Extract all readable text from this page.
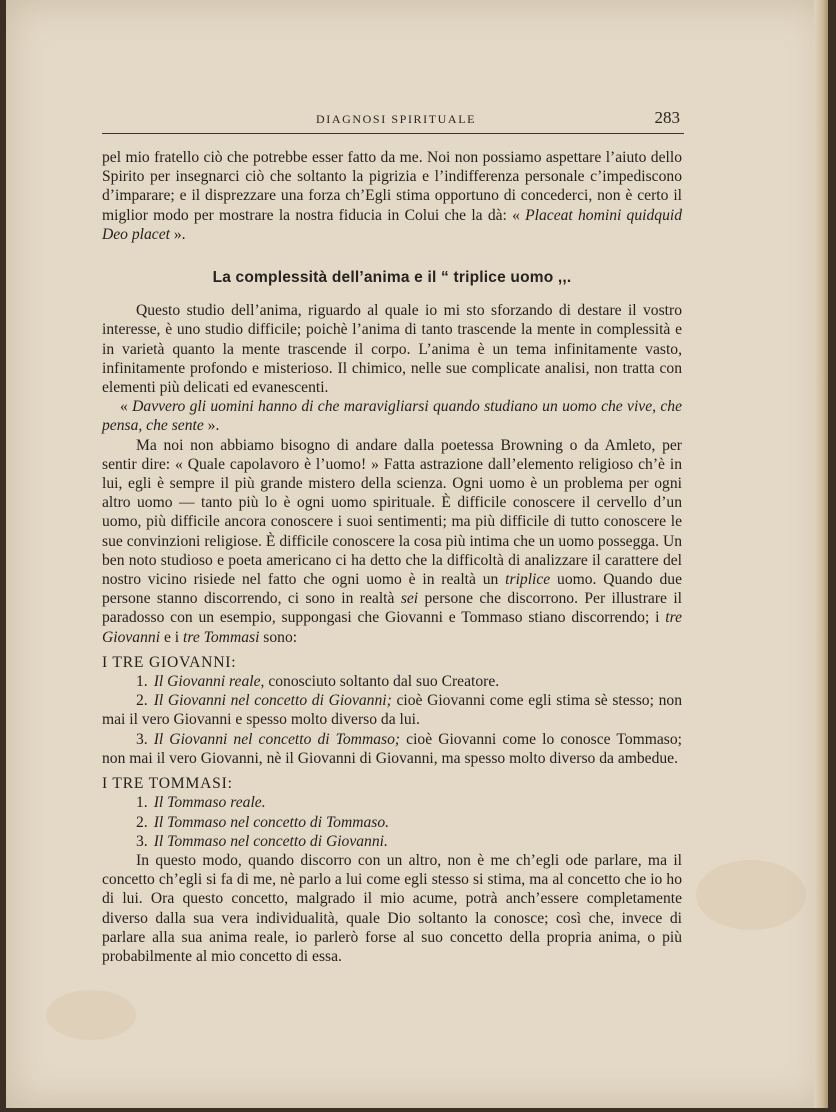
DIAGNOSI SPIRITUALE	283

pel mio fratello ciò che potrebbe esser fatto da me. Noi non possiamo aspettare l’aiuto dello Spirito per insegnarci ciò che soltanto la pigrizia e l’indifferenza personale c’impediscono d’imparare; e il disprezzare una forza ch’Egli stima opportuno di concederci, non è certo il miglior modo per mostrare la nostra fiducia in Colui che la dà: « Placeat homini quidquid Deo placet ».

La complessità dell’anima e il “ triplice uomo ,,.

Questo studio dell’anima, riguardo al quale io mi sto sforzando di destare il vostro interesse, è uno studio difficile; poichè l’anima di tanto trascende la mente in complessità e in varietà quanto la mente trascende il corpo. L’anima è un tema infinitamente vasto, infinitamente profondo e misterioso. Il chimico, nelle sue complicate analisi, non tratta con elementi più delicati ed evanescenti.

« Davvero gli uomini hanno di che maravigliarsi quando studiano un uomo che vive, che pensa, che sente ».

Ma noi non abbiamo bisogno di andare dalla poetessa Browning o da Amleto, per sentir dire: « Quale capolavoro è l’uomo! » Fatta astrazione dall’elemento religioso ch’è in lui, egli è sempre il più grande mistero della scienza. Ogni uomo è un problema per ogni altro uomo — tanto più lo è ogni uomo spirituale. È difficile conoscere il cervello d’un uomo, più difficile ancora conoscere i suoi sentimenti; ma più difficile di tutto conoscere le sue convinzioni religiose. È difficile conoscere la cosa più intima che un uomo possegga. Un ben noto studioso e poeta americano ci ha detto che la difficoltà di analizzare il carattere del nostro vicino risiede nel fatto che ogni uomo è in realtà un triplice uomo. Quando due persone stanno discorrendo, ci sono in realtà sei persone che discorrono. Per illustrare il paradosso con un esempio, suppongasi che Giovanni e Tommaso stiano discorrendo; i tre Giovanni e i tre Tommasi sono:

I TRE GIOVANNI:

1. Il Giovanni reale, conosciuto soltanto dal suo Creatore.

2. Il Giovanni nel concetto di Giovanni; cioè Giovanni come egli stima sè stesso; non mai il vero Giovanni e spesso molto diverso da lui.

3. Il Giovanni nel concetto di Tommaso; cioè Giovanni come lo conosce Tommaso; non mai il vero Giovanni, nè il Giovanni di Giovanni, ma spesso molto diverso da ambedue.

I TRE TOMMASI:

1. Il Tommaso reale.

2. Il Tommaso nel concetto di Tommaso.

3. Il Tommaso nel concetto di Giovanni.

In questo modo, quando discorro con un altro, non è me ch’egli ode parlare, ma il concetto ch’egli si fa di me, nè parlo a lui come egli stesso si stima, ma al concetto che io ho di lui. Ora questo concetto, malgrado il mio acume, potrà anch’essere completamente diverso dalla sua vera individualità, quale Dio soltanto la conosce; così che, invece di parlare alla sua anima reale, io parlerò forse al suo concetto della propria anima, o più probabilmente al mio concetto di essa.
